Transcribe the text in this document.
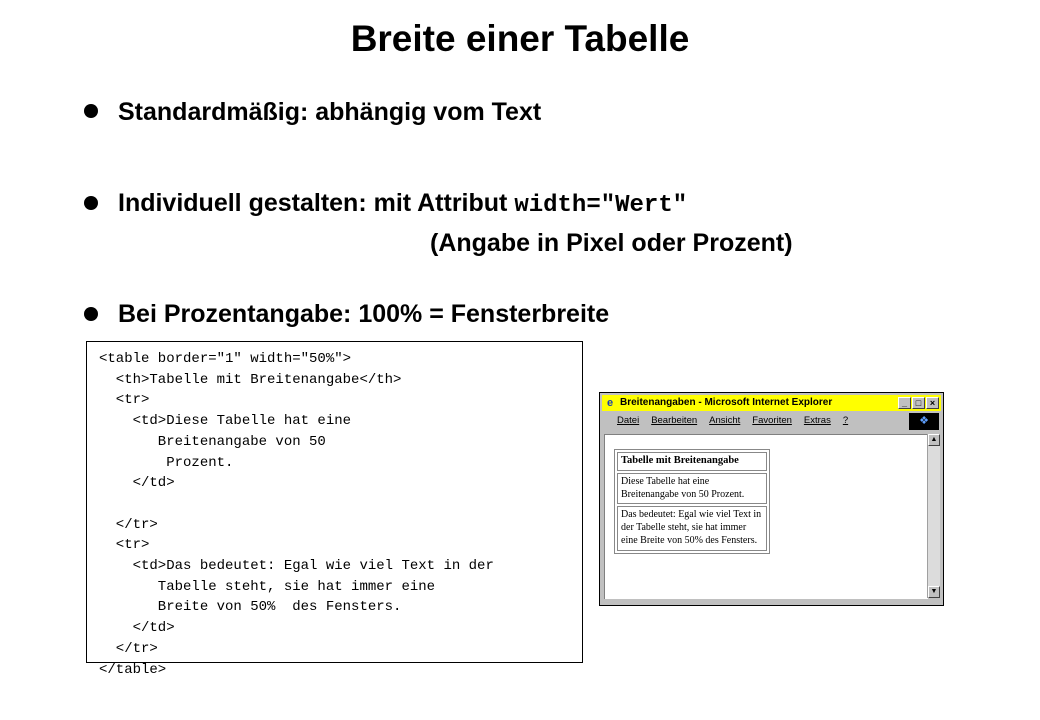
Breite einer Tabelle
Standardmäßig: abhängig vom Text
Individuell gestalten: mit Attribut width="Wert"
(Angabe in Pixel oder Prozent)
Bei Prozentangabe: 100% = Fensterbreite
<table border="1" width="50%">
<th>Tabelle mit Breitenangabe</th>
<tr>
<td>Diese Tabelle hat eine
Breitenangabe von 50
Prozent.
</td>

</tr>
<tr>
<td>Das bedeutet: Egal wie viel Text in der
Tabelle steht, sie hat immer eine
Breite von 50%  des Fensters.
</td>
</tr>
</table>
e Breitenangaben - Microsoft Internet Explorer	_ □ ×
Datei Bearbeiten Ansicht Favoriten Extras ?	❖
Tabelle mit Breitenangabe
Diese Tabelle hat eine Breitenangabe von 50 Prozent.
Das bedeutet: Egal wie viel Text in der Tabelle steht, sie hat immer eine Breite von 50% des Fensters.
▲
▼
